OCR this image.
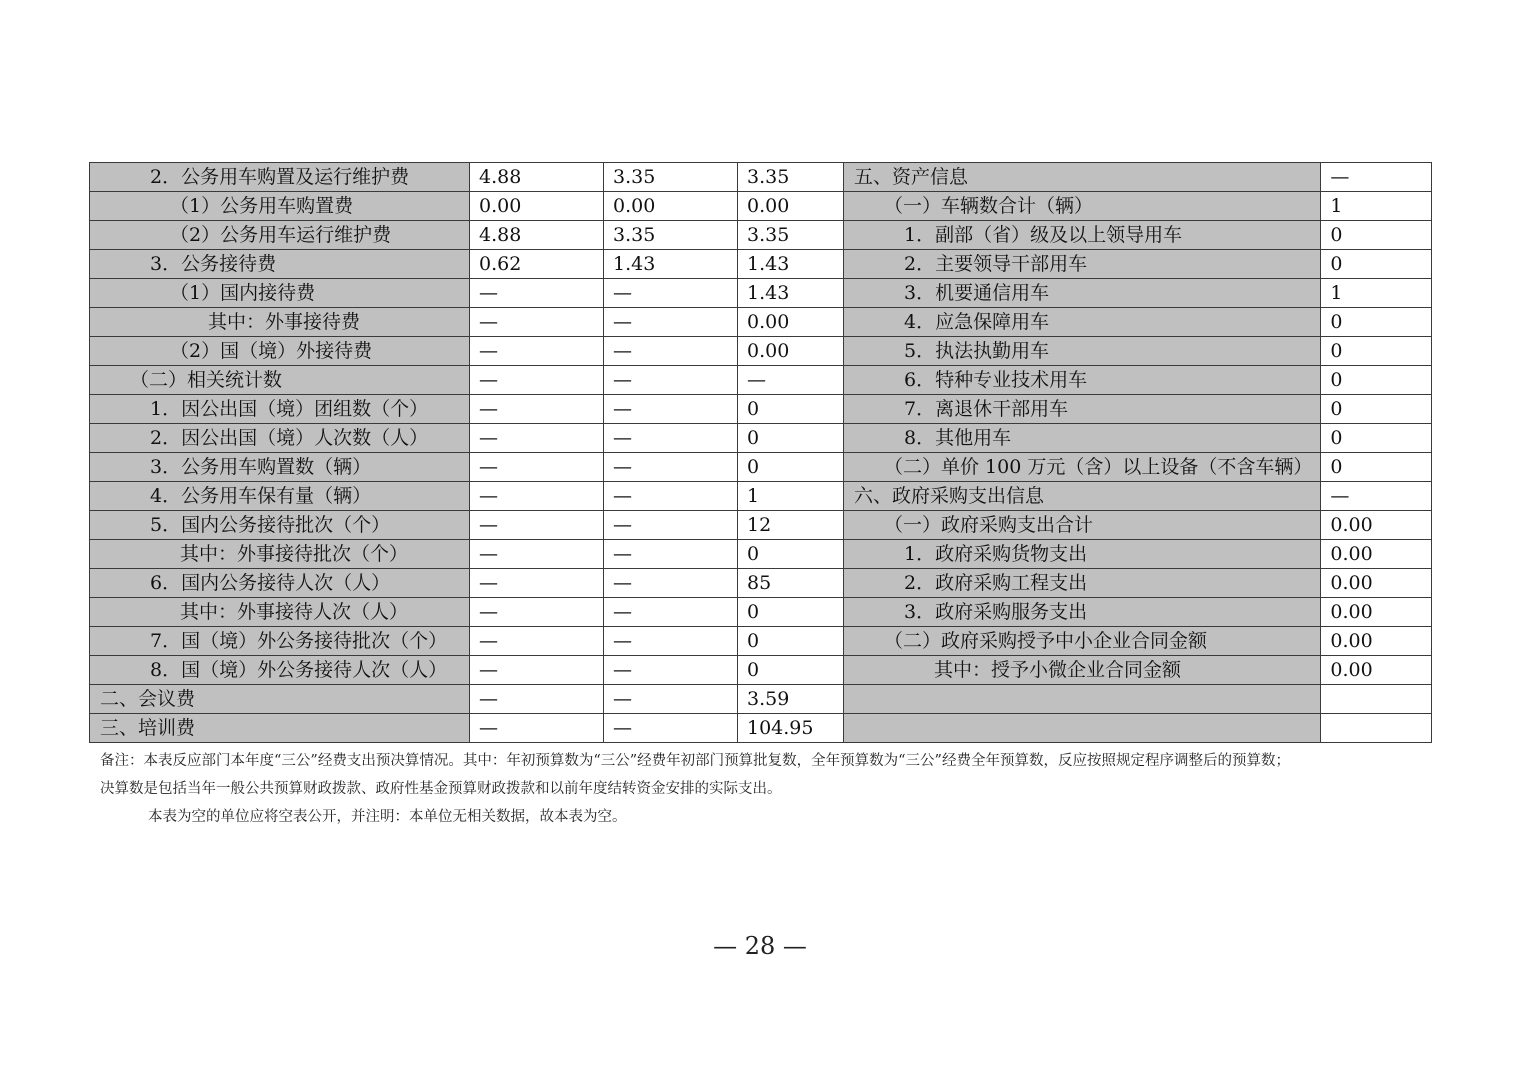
2．公务用车购置及运行维护费	4.88	3.35	3.35	五、资产信息	—
（1）公务用车购置费	0.00	0.00	0.00	（一）车辆数合计（辆）	1
（2）公务用车运行维护费	4.88	3.35	3.35	1．副部（省）级及以上领导用车	0
3．公务接待费	0.62	1.43	1.43	2．主要领导干部用车	0
（1）国内接待费	—	—	1.43	3．机要通信用车	1
其中：外事接待费	—	—	0.00	4．应急保障用车	0
（2）国（境）外接待费	—	—	0.00	5．执法执勤用车	0
（二）相关统计数	—	—	—	6．特种专业技术用车	0
1．因公出国（境）团组数（个）	—	—	0	7．离退休干部用车	0
2．因公出国（境）人次数（人）	—	—	0	8．其他用车	0
3．公务用车购置数（辆）	—	—	0	（二）单价 100 万元（含）以上设备（不含车辆）	0
4．公务用车保有量（辆）	—	—	1	六、政府采购支出信息	—
5．国内公务接待批次（个）	—	—	12	（一）政府采购支出合计	0.00
其中：外事接待批次（个）	—	—	0	1．政府采购货物支出	0.00
6．国内公务接待人次（人）	—	—	85	2．政府采购工程支出	0.00
其中：外事接待人次（人）	—	—	0	3．政府采购服务支出	0.00
7．国（境）外公务接待批次（个）	—	—	0	（二）政府采购授予中小企业合同金额	0.00
8．国（境）外公务接待人次（人）	—	—	0	其中：授予小微企业合同金额	0.00
二、会议费	—	—	3.59		
三、培训费	—	—	104.95		

备注：本表反应部门本年度“三公”经费支出预决算情况。其中：年初预算数为“三公”经费年初部门预算批复数，全年预算数为“三公”经费全年预算数，反应按照规定程序调整后的预算数；

决算数是包括当年一般公共预算财政拨款、政府性基金预算财政拨款和以前年度结转资金安排的实际支出。

本表为空的单位应将空表公开，并注明：本单位无相关数据，故本表为空。

— 28 —
